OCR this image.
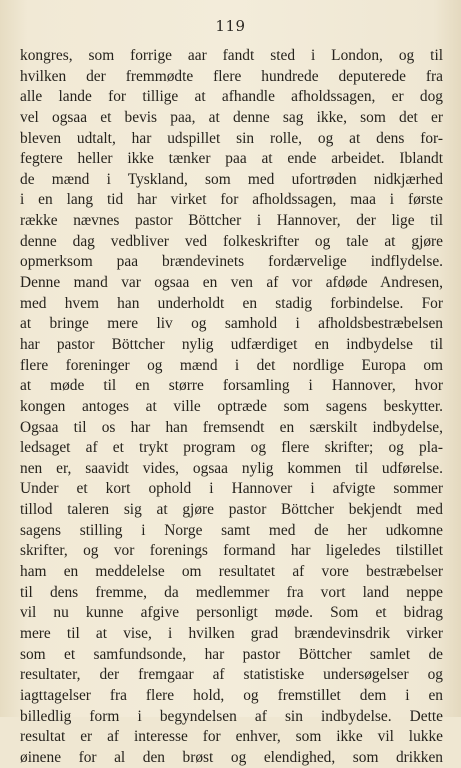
119
kongres, som forrige aar fandt sted i London, og til
hvilken der fremmødte flere hundrede deputerede fra
alle lande for tillige at afhandle afholdssagen, er dog
vel ogsaa et bevis paa, at denne sag ikke, som det er
bleven udtalt, har udspillet sin rolle, og at dens for-
fegtere heller ikke tænker paa at ende arbeidet. Iblandt
de mænd i Tyskland, som med ufortrøden nidkjærhed
i en lang tid har virket for afholdssagen, maa i første
række nævnes pastor Böttcher i Hannover, der lige til
denne dag vedbliver ved folkeskrifter og tale at gjøre
opmerksom paa brændevinets fordærvelige indflydelse.
Denne mand var ogsaa en ven af vor afdøde Andresen,
med hvem han underholdt en stadig forbindelse. For
at bringe mere liv og samhold i afholdsbestræbelsen
har pastor Böttcher nylig udfærdiget en indbydelse til
flere foreninger og mænd i det nordlige Europa om
at møde til en større forsamling i Hannover, hvor
kongen antoges at ville optræde som sagens beskytter.
Ogsaa til os har han fremsendt en særskilt indbydelse,
ledsaget af et trykt program og flere skrifter; og pla-
nen er, saavidt vides, ogsaa nylig kommen til udførelse.
Under et kort ophold i Hannover i afvigte sommer
tillod taleren sig at gjøre pastor Böttcher bekjendt med
sagens stilling i Norge samt med de her udkomne
skrifter, og vor forenings formand har ligeledes tilstillet
ham en meddelelse om resultatet af vore bestræbelser
til dens fremme, da medlemmer fra vort land neppe
vil nu kunne afgive personligt møde. Som et bidrag
mere til at vise, i hvilken grad brændevinsdrik virker
som et samfundsonde, har pastor Böttcher samlet de
resultater, der fremgaar af statistiske undersøgelser og
iagttagelser fra flere hold, og fremstillet dem i en
billedlig form i begyndelsen af sin indbydelse. Dette
resultat er af interesse for enhver, som ikke vil lukke
øinene for al den brøst og elendighed, som drikken
